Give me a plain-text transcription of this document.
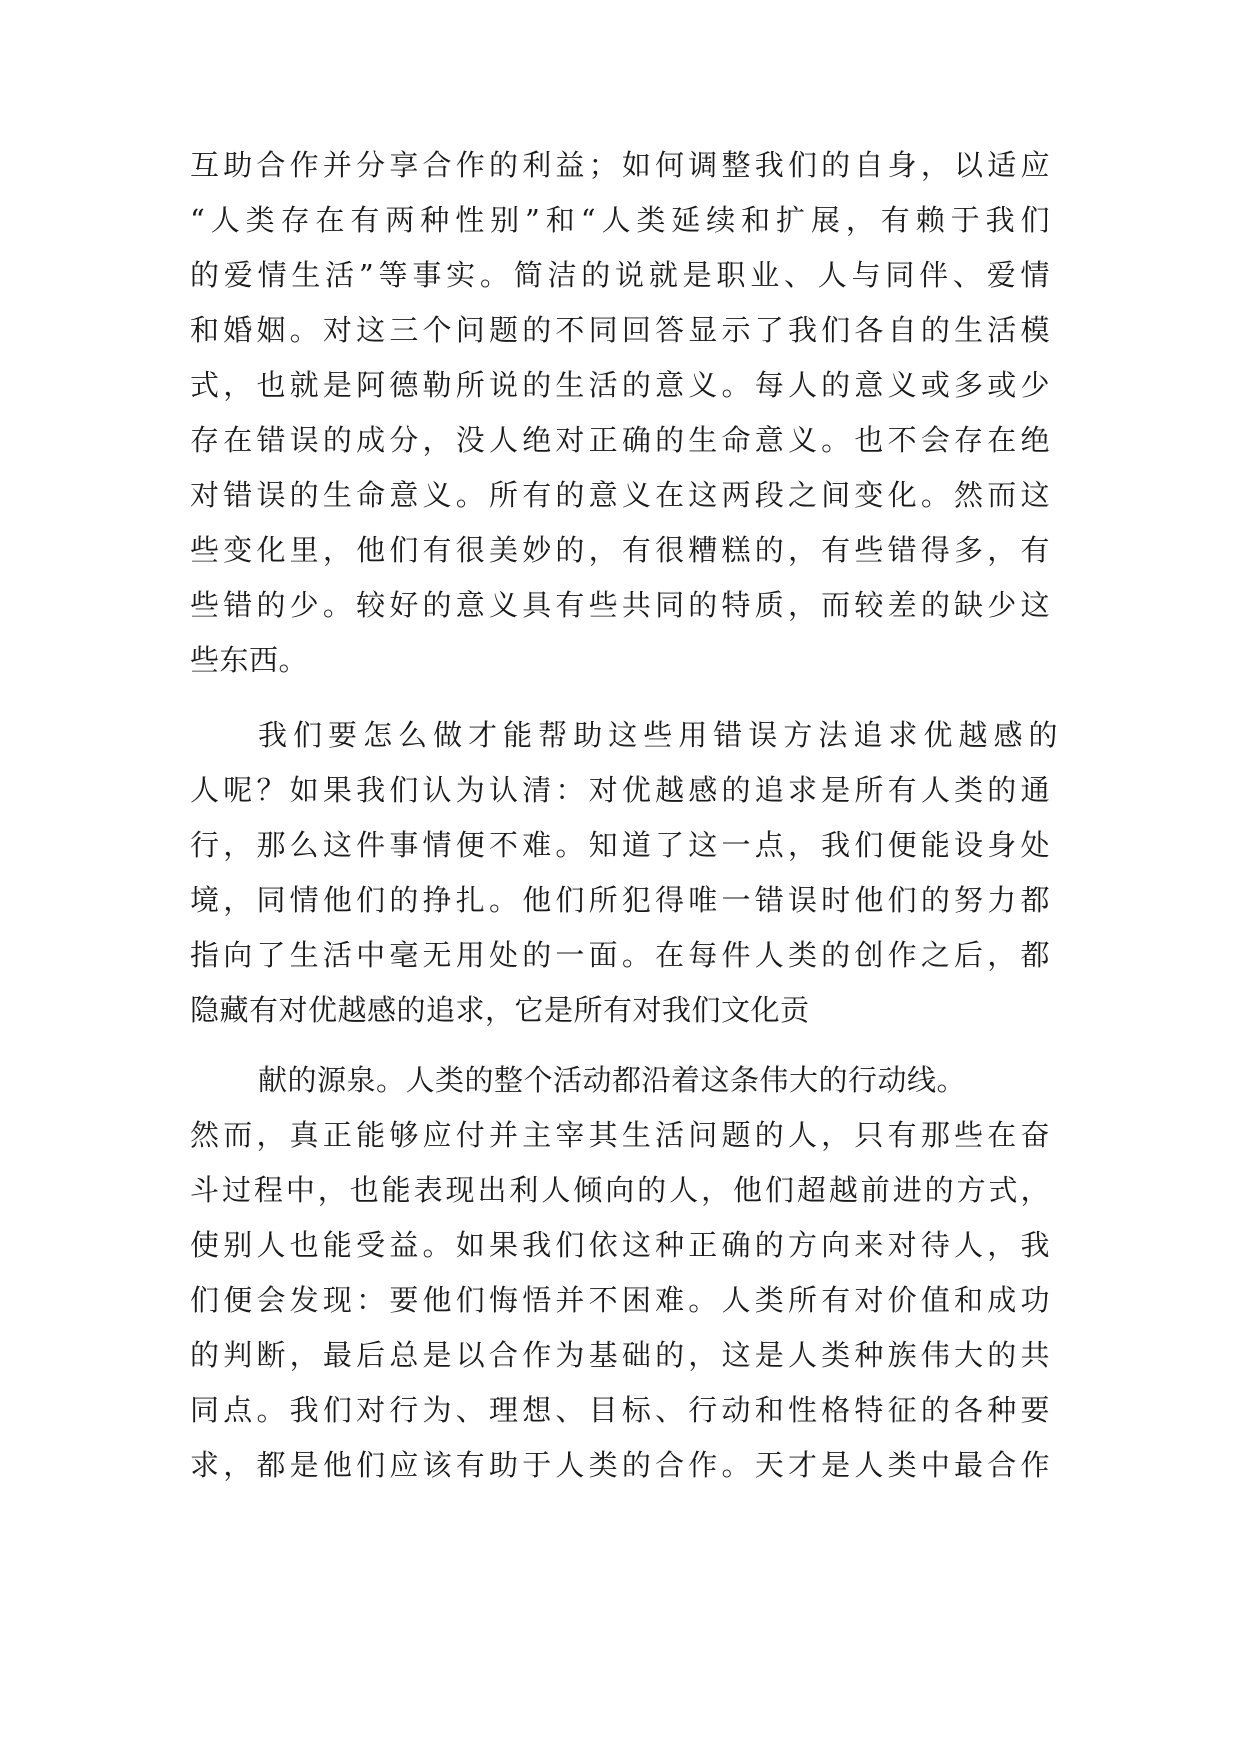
互助合作并分享合作的利益；如何调整我们的自身，以适应
“人类存在有两种性别”和“人类延续和扩展，有赖于我们
的爱情生活”等事实。简洁的说就是职业、人与同伴、爱情
和婚姻。对这三个问题的不同回答显示了我们各自的生活模
式，也就是阿德勒所说的生活的意义。每人的意义或多或少
存在错误的成分，没人绝对正确的生命意义。也不会存在绝
对错误的生命意义。所有的意义在这两段之间变化。然而这
些变化里，他们有很美妙的，有很糟糕的，有些错得多，有
些错的少。较好的意义具有些共同的特质，而较差的缺少这
些东西。
我们要怎么做才能帮助这些用错误方法追求优越感的
人呢？如果我们认为认清：对优越感的追求是所有人类的通
行，那么这件事情便不难。知道了这一点，我们便能设身处
境，同情他们的挣扎。他们所犯得唯一错误时他们的努力都
指向了生活中毫无用处的一面。在每件人类的创作之后，都
隐藏有对优越感的追求，它是所有对我们文化贡
献的源泉。人类的整个活动都沿着这条伟大的行动线。
然而，真正能够应付并主宰其生活问题的人，只有那些在奋
斗过程中，也能表现出利人倾向的人，他们超越前进的方式，
使别人也能受益。如果我们依这种正确的方向来对待人，我
们便会发现：要他们悔悟并不困难。人类所有对价值和成功
的判断，最后总是以合作为基础的，这是人类种族伟大的共
同点。我们对行为、理想、目标、行动和性格特征的各种要
求，都是他们应该有助于人类的合作。天才是人类中最合作
